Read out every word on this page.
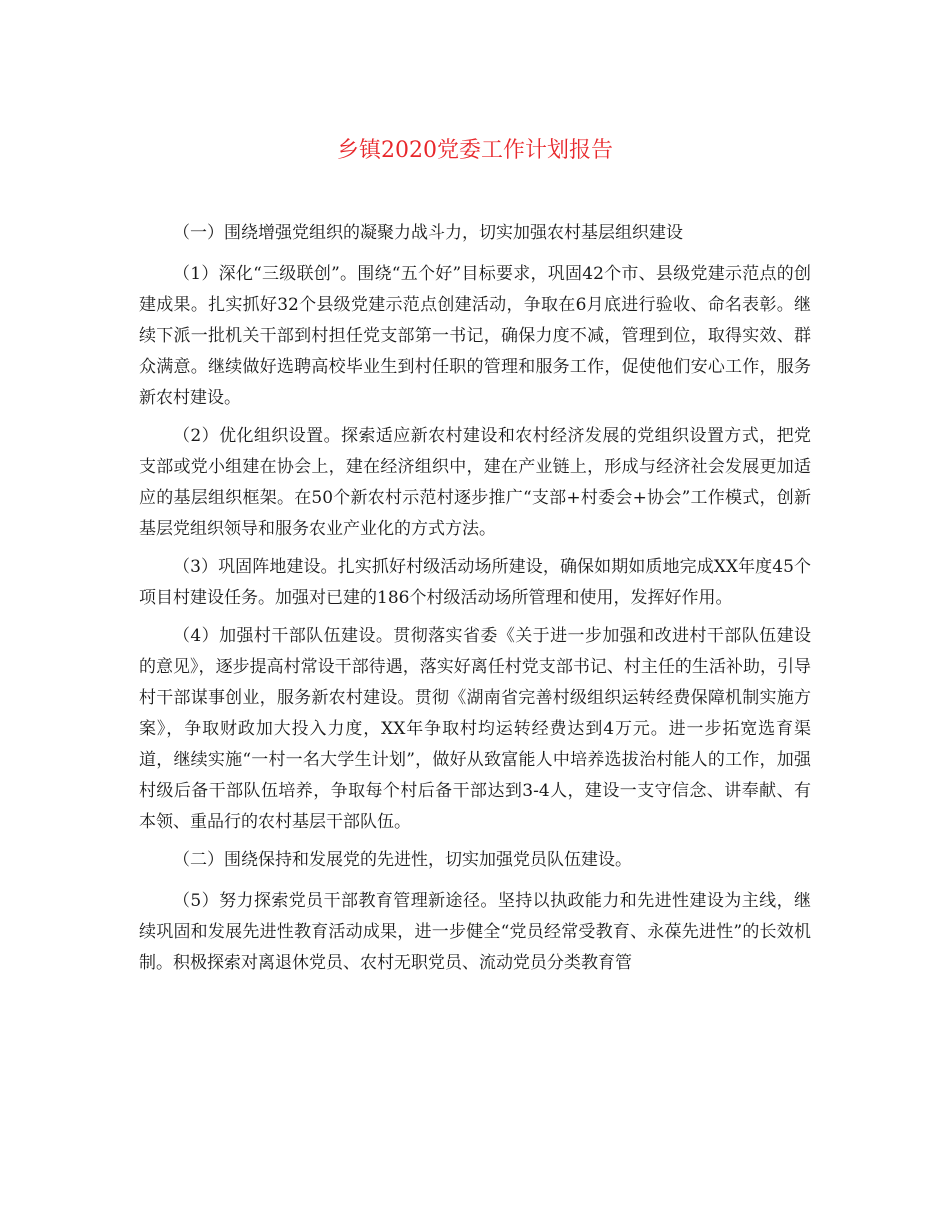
乡镇2020党委工作计划报告

（一）围绕增强党组织的凝聚力战斗力，切实加强农村基层组织建设

（1）深化“三级联创”。围绕“五个好”目标要求，巩固42个市、县级党建示范点的创建成果。扎实抓好32个县级党建示范点创建活动，争取在6月底进行验收、命名表彰。继续下派一批机关干部到村担任党支部第一书记，确保力度不减，管理到位，取得实效、群众满意。继续做好选聘高校毕业生到村任职的管理和服务工作，促使他们安心工作，服务新农村建设。

（2）优化组织设置。探索适应新农村建设和农村经济发展的党组织设置方式，把党支部或党小组建在协会上，建在经济组织中，建在产业链上，形成与经济社会发展更加适应的基层组织框架。在50个新农村示范村逐步推广“支部+村委会+协会”工作模式，创新基层党组织领导和服务农业产业化的方式方法。

（3）巩固阵地建设。扎实抓好村级活动场所建设，确保如期如质地完成XX年度45个项目村建设任务。加强对已建的186个村级活动场所管理和使用，发挥好作用。

（4）加强村干部队伍建设。贯彻落实省委《关于进一步加强和改进村干部队伍建设的意见》，逐步提高村常设干部待遇，落实好离任村党支部书记、村主任的生活补助，引导村干部谋事创业，服务新农村建设。贯彻《湖南省完善村级组织运转经费保障机制实施方案》，争取财政加大投入力度，XX年争取村均运转经费达到4万元。进一步拓宽选育渠道，继续实施“一村一名大学生计划”，做好从致富能人中培养选拔治村能人的工作，加强村级后备干部队伍培养，争取每个村后备干部达到3-4人，建设一支守信念、讲奉献、有本领、重品行的农村基层干部队伍。

（二）围绕保持和发展党的先进性，切实加强党员队伍建设。

（5）努力探索党员干部教育管理新途径。坚持以执政能力和先进性建设为主线，继续巩固和发展先进性教育活动成果，进一步健全“党员经常受教育、永葆先进性”的长效机制。积极探索对离退休党员、农村无职党员、流动党员分类教育管
